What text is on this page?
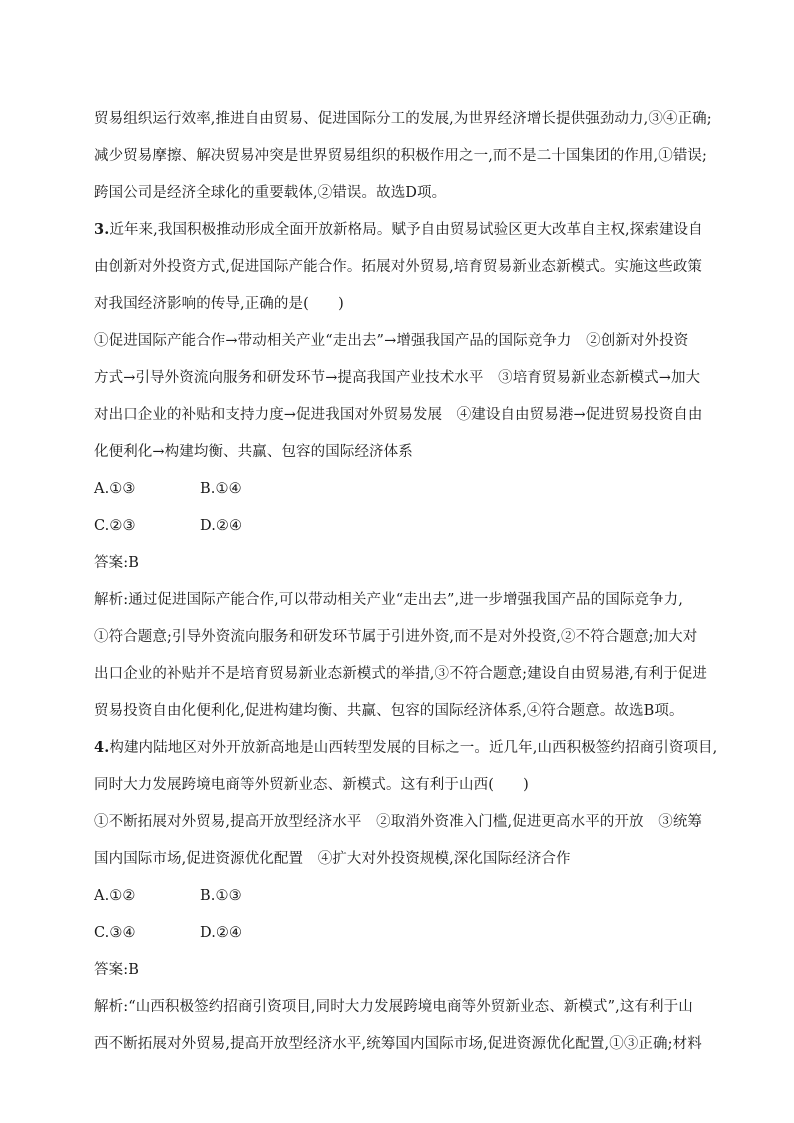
贸易组织运行效率,推进自由贸易、促进国际分工的发展,为世界经济增长提供强劲动力,③④正确;
减少贸易摩擦、解决贸易冲突是世界贸易组织的积极作用之一,而不是二十国集团的作用,①错误;
跨国公司是经济全球化的重要载体,②错误。故选D项。
3. 近年来,我国积极推动形成全面开放新格局。赋予自由贸易试验区更大改革自主权,探索建设自
由创新对外投资方式,促进国际产能合作。拓展对外贸易,培育贸易新业态新模式。实施这些政策
对我国经济影响的传导,正确的是(　　)
①促进国际产能合作→带动相关产业“走出去”→增强我国产品的国际竞争力　②创新对外投资
方式→引导外资流向服务和研发环节→提高我国产业技术水平　③培育贸易新业态新模式→加大
对出口企业的补贴和支持力度→促进我国对外贸易发展　④建设自由贸易港→促进贸易投资自由
化便利化→构建均衡、共赢、包容的国际经济体系
A.①③	B.①④
C.②③	D.②④
答案: B
解析: 通过促进国际产能合作,可以带动相关产业“走出去”,进一步增强我国产品的国际竞争力,
①符合题意;引导外资流向服务和研发环节属于引进外资,而不是对外投资,②不符合题意;加大对
出口企业的补贴并不是培育贸易新业态新模式的举措,③不符合题意;建设自由贸易港,有利于促进
贸易投资自由化便利化,促进构建均衡、共赢、包容的国际经济体系,④符合题意。故选B项。
4. 构建内陆地区对外开放新高地是山西转型发展的目标之一。近几年,山西积极签约招商引资项目,
同时大力发展跨境电商等外贸新业态、新模式。这有利于山西(　　)
①不断拓展对外贸易,提高开放型经济水平　②取消外资准入门槛,促进更高水平的开放　③统筹
国内国际市场,促进资源优化配置　④扩大对外投资规模,深化国际经济合作
A.①②	B.①③
C.③④	D.②④
答案: B
解析: “山西积极签约招商引资项目,同时大力发展跨境电商等外贸新业态、新模式”,这有利于山
西不断拓展对外贸易,提高开放型经济水平,统筹国内国际市场,促进资源优化配置,①③正确;材料
